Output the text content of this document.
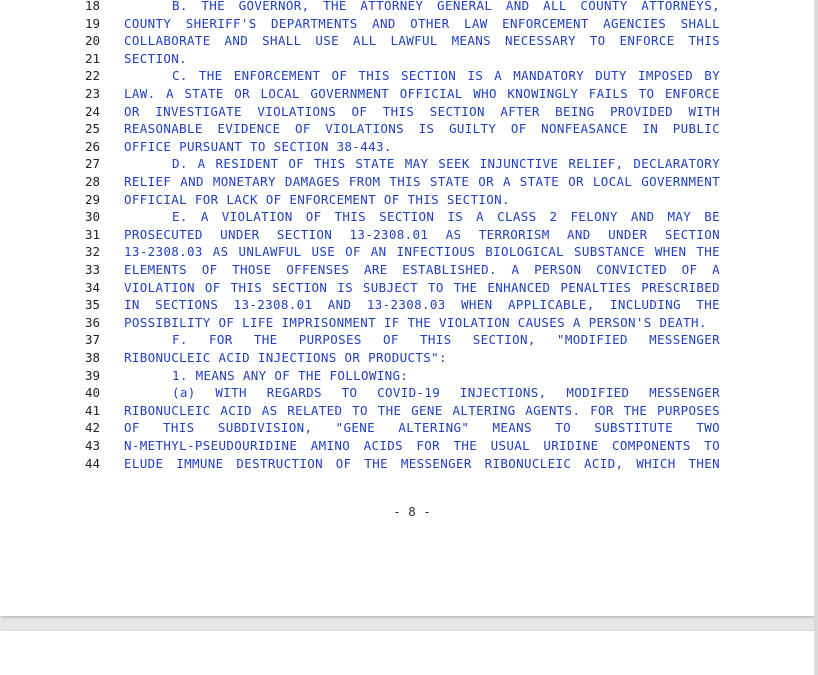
18	B. THE GOVERNOR, THE ATTORNEY GENERAL AND ALL COUNTY ATTORNEYS,
19 COUNTY SHERIFF'S DEPARTMENTS AND OTHER LAW ENFORCEMENT AGENCIES SHALL
20 COLLABORATE AND SHALL USE ALL LAWFUL MEANS NECESSARY TO ENFORCE THIS
21 SECTION.
22	C. THE ENFORCEMENT OF THIS SECTION IS A MANDATORY DUTY IMPOSED BY
23 LAW. A STATE OR LOCAL GOVERNMENT OFFICIAL WHO KNOWINGLY FAILS TO ENFORCE
24 OR INVESTIGATE VIOLATIONS OF THIS SECTION AFTER BEING PROVIDED WITH
25 REASONABLE EVIDENCE OF VIOLATIONS IS GUILTY OF NONFEASANCE IN PUBLIC
26 OFFICE PURSUANT TO SECTION 38-443.
27	D. A RESIDENT OF THIS STATE MAY SEEK INJUNCTIVE RELIEF, DECLARATORY
28 RELIEF AND MONETARY DAMAGES FROM THIS STATE OR A STATE OR LOCAL GOVERNMENT
29 OFFICIAL FOR LACK OF ENFORCEMENT OF THIS SECTION.
30	E. A VIOLATION OF THIS SECTION IS A CLASS 2 FELONY AND MAY BE
31 PROSECUTED UNDER SECTION 13-2308.01 AS TERRORISM AND UNDER SECTION
32 13-2308.03 AS UNLAWFUL USE OF AN INFECTIOUS BIOLOGICAL SUBSTANCE WHEN THE
33 ELEMENTS OF THOSE OFFENSES ARE ESTABLISHED. A PERSON CONVICTED OF A
34 VIOLATION OF THIS SECTION IS SUBJECT TO THE ENHANCED PENALTIES PRESCRIBED
35 IN SECTIONS 13-2308.01 AND 13-2308.03 WHEN APPLICABLE, INCLUDING THE
36 POSSIBILITY OF LIFE IMPRISONMENT IF THE VIOLATION CAUSES A PERSON'S DEATH.
37	F. FOR THE PURPOSES OF THIS SECTION, "MODIFIED MESSENGER
38 RIBONUCLEIC ACID INJECTIONS OR PRODUCTS":
39	1. MEANS ANY OF THE FOLLOWING:
40	(a) WITH REGARDS TO COVID-19 INJECTIONS, MODIFIED MESSENGER
41 RIBONUCLEIC ACID AS RELATED TO THE GENE ALTERING AGENTS. FOR THE PURPOSES
42 OF THIS SUBDIVISION, "GENE ALTERING" MEANS TO SUBSTITUTE TWO
43 N-METHYL-PSEUDOURIDINE AMINO ACIDS FOR THE USUAL URIDINE COMPONENTS TO
44 ELUDE IMMUNE DESTRUCTION OF THE MESSENGER RIBONUCLEIC ACID, WHICH THEN
- 8 -
